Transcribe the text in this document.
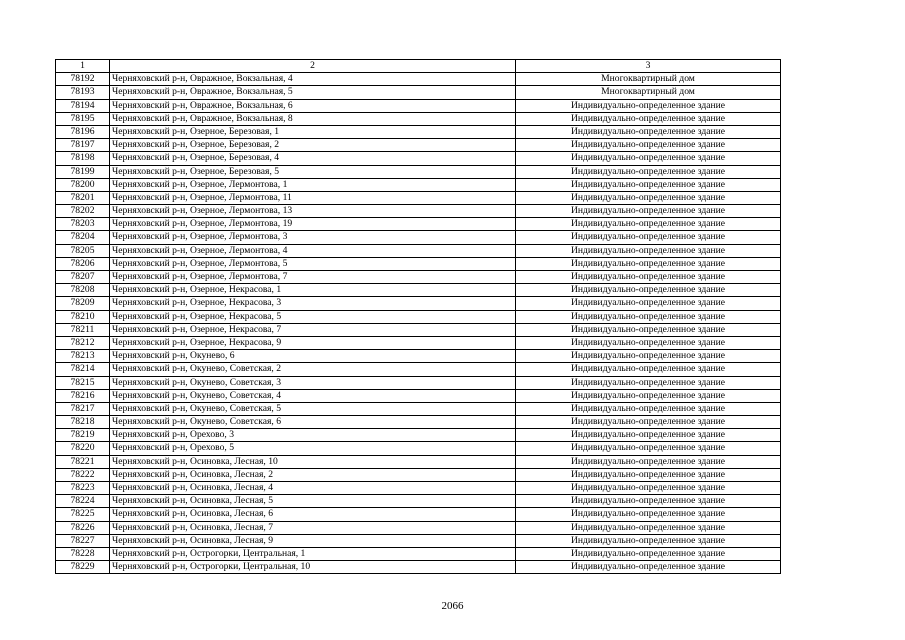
1	2	3
78192	Черняховский р-н, Овражное, Вокзальная, 4	Многоквартирный дом
78193	Черняховский р-н, Овражное, Вокзальная, 5	Многоквартирный дом
78194	Черняховский р-н, Овражное, Вокзальная, 6	Индивидуально-определенное здание
78195	Черняховский р-н, Овражное, Вокзальная, 8	Индивидуально-определенное здание
78196	Черняховский р-н, Озерное, Березовая, 1	Индивидуально-определенное здание
78197	Черняховский р-н, Озерное, Березовая, 2	Индивидуально-определенное здание
78198	Черняховский р-н, Озерное, Березовая, 4	Индивидуально-определенное здание
78199	Черняховский р-н, Озерное, Березовая, 5	Индивидуально-определенное здание
78200	Черняховский р-н, Озерное, Лермонтова, 1	Индивидуально-определенное здание
78201	Черняховский р-н, Озерное, Лермонтова, 11	Индивидуально-определенное здание
78202	Черняховский р-н, Озерное, Лермонтова, 13	Индивидуально-определенное здание
78203	Черняховский р-н, Озерное, Лермонтова, 19	Индивидуально-определенное здание
78204	Черняховский р-н, Озерное, Лермонтова, 3	Индивидуально-определенное здание
78205	Черняховский р-н, Озерное, Лермонтова, 4	Индивидуально-определенное здание
78206	Черняховский р-н, Озерное, Лермонтова, 5	Индивидуально-определенное здание
78207	Черняховский р-н, Озерное, Лермонтова, 7	Индивидуально-определенное здание
78208	Черняховский р-н, Озерное, Некрасова, 1	Индивидуально-определенное здание
78209	Черняховский р-н, Озерное, Некрасова, 3	Индивидуально-определенное здание
78210	Черняховский р-н, Озерное, Некрасова, 5	Индивидуально-определенное здание
78211	Черняховский р-н, Озерное, Некрасова, 7	Индивидуально-определенное здание
78212	Черняховский р-н, Озерное, Некрасова, 9	Индивидуально-определенное здание
78213	Черняховский р-н, Окунево, 6	Индивидуально-определенное здание
78214	Черняховский р-н, Окунево, Советская, 2	Индивидуально-определенное здание
78215	Черняховский р-н, Окунево, Советская, 3	Индивидуально-определенное здание
78216	Черняховский р-н, Окунево, Советская, 4	Индивидуально-определенное здание
78217	Черняховский р-н, Окунево, Советская, 5	Индивидуально-определенное здание
78218	Черняховский р-н, Окунево, Советская, 6	Индивидуально-определенное здание
78219	Черняховский р-н, Орехово, 3	Индивидуально-определенное здание
78220	Черняховский р-н, Орехово, 5	Индивидуально-определенное здание
78221	Черняховский р-н, Осиновка, Лесная, 10	Индивидуально-определенное здание
78222	Черняховский р-н, Осиновка, Лесная, 2	Индивидуально-определенное здание
78223	Черняховский р-н, Осиновка, Лесная, 4	Индивидуально-определенное здание
78224	Черняховский р-н, Осиновка, Лесная, 5	Индивидуально-определенное здание
78225	Черняховский р-н, Осиновка, Лесная, 6	Индивидуально-определенное здание
78226	Черняховский р-н, Осиновка, Лесная, 7	Индивидуально-определенное здание
78227	Черняховский р-н, Осиновка, Лесная, 9	Индивидуально-определенное здание
78228	Черняховский р-н, Острогорки, Центральная, 1	Индивидуально-определенное здание
78229	Черняховский р-н, Острогорки, Центральная, 10	Индивидуально-определенное здание
2066
